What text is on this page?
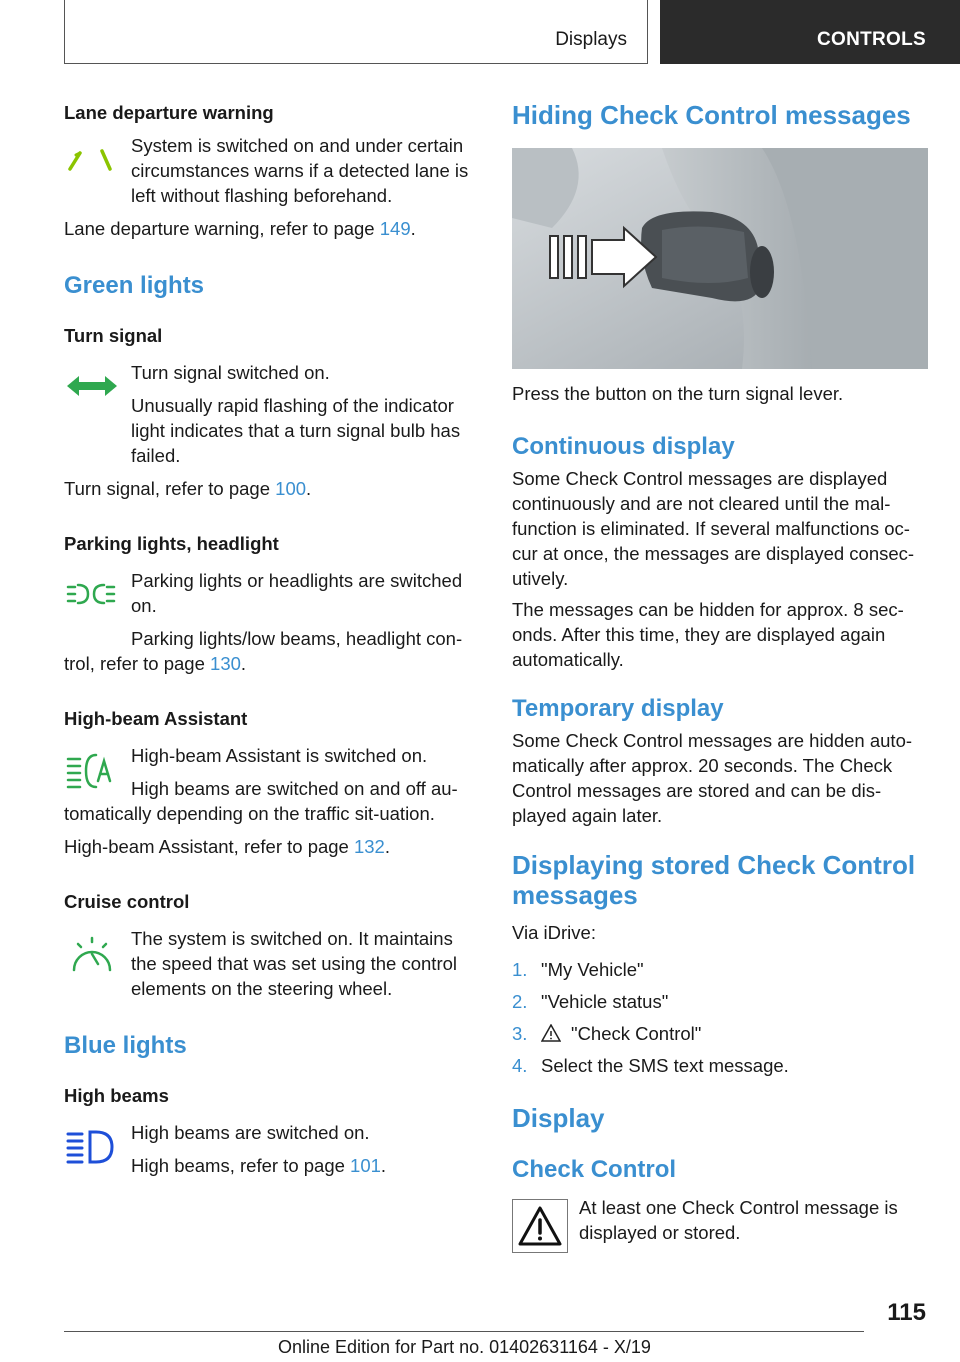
Displays	CONTROLS

Lane departure warning

System is switched on and under certain circumstances warns if a detected lane is left without flashing beforehand.

Lane departure warning, refer to page 149.

Green lights

Turn signal

Turn signal switched on.

Unusually rapid flashing of the indicator light indicates that a turn signal bulb has failed.

Turn signal, refer to page 100.

Parking lights, headlight

Parking lights or headlights are switched on.

Parking lights/low beams, headlight con-trol, refer to page 130.

High-beam Assistant

High-beam Assistant is switched on.

High beams are switched on and off au-tomatically depending on the traffic sit-uation.

High-beam Assistant, refer to page 132.

Cruise control

The system is switched on. It maintains the speed that was set using the control elements on the steering wheel.

Blue lights

High beams

High beams are switched on.

High beams, refer to page 101.

Hiding Check Control messages

Press the button on the turn signal lever.

Continuous display

Some Check Control messages are displayed continuously and are not cleared until the mal-function is eliminated. If several malfunctions oc-cur at once, the messages are displayed consec-utively.

The messages can be hidden for approx. 8 sec-onds. After this time, they are displayed again automatically.

Temporary display

Some Check Control messages are hidden auto-matically after approx. 20 seconds. The Check Control messages are stored and can be dis-played again later.

Displaying stored Check Control messages

Via iDrive:

1. "My Vehicle"
2. "Vehicle status"
3. "Check Control"
4. Select the SMS text message.
Display
Check Control

At least one Check Control message is displayed or stored.

115
Online Edition for Part no. 01402631164 - X/19
